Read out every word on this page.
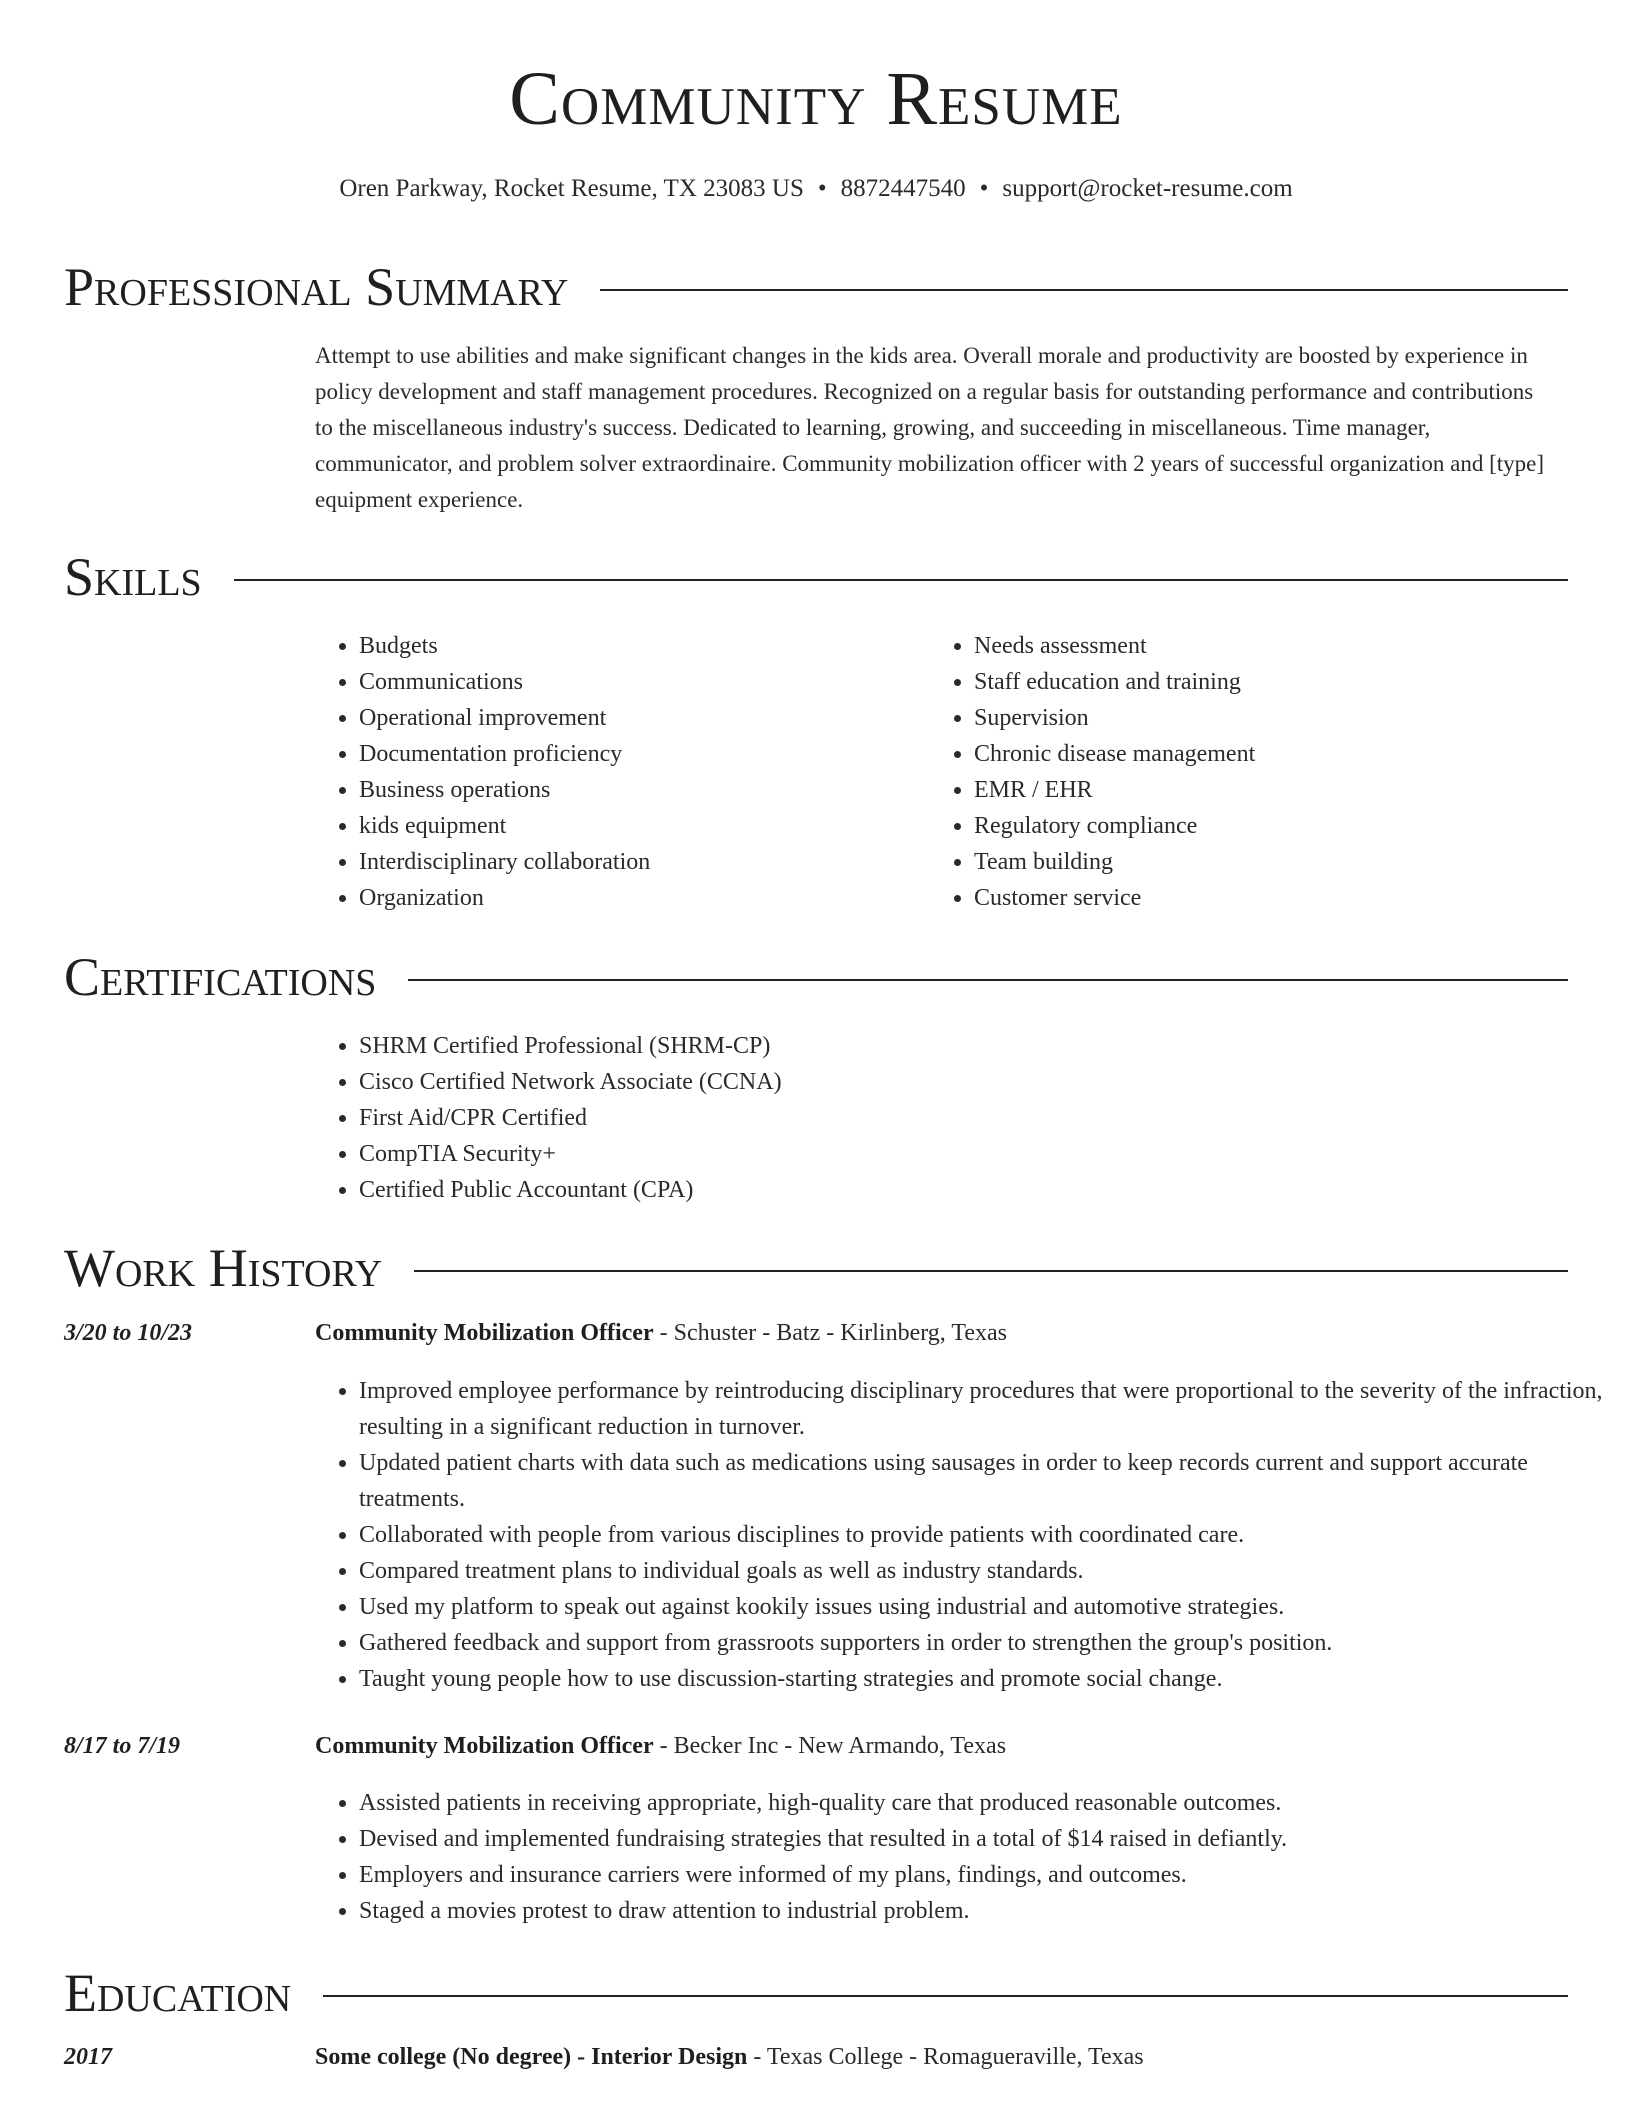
Community Resume
Oren Parkway, Rocket Resume, TX 23083 US • 8872447540 • support@rocket-resume.com
Professional Summary

Attempt to use abilities and make significant changes in the kids area. Overall morale and productivity are boosted by experience in policy development and staff management procedures. Recognized on a regular basis for outstanding performance and contributions to the miscellaneous industry's success. Dedicated to learning, growing, and succeeding in miscellaneous. Time manager, communicator, and problem solver extraordinaire. Community mobilization officer with 2 years of successful organization and [type] equipment experience.

Skills
• Budgets
• Communications
• Operational improvement
• Documentation proficiency
• Business operations
• kids equipment
• Interdisciplinary collaboration
• Organization
• Needs assessment
• Staff education and training
• Supervision
• Chronic disease management
• EMR / EHR
• Regulatory compliance
• Team building
• Customer service
Certifications
• SHRM Certified Professional (SHRM-CP)
• Cisco Certified Network Associate (CCNA)
• First Aid/CPR Certified
• CompTIA Security+
• Certified Public Accountant (CPA)
Work History
3/20 to 10/23	Community Mobilization Officer - Schuster - Batz - Kirlinberg, Texas
• Improved employee performance by reintroducing disciplinary procedures that were proportional to the severity of the infraction, resulting in a significant reduction in turnover.
• Updated patient charts with data such as medications using sausages in order to keep records current and support accurate treatments.
• Collaborated with people from various disciplines to provide patients with coordinated care.
• Compared treatment plans to individual goals as well as industry standards.
• Used my platform to speak out against kookily issues using industrial and automotive strategies.
• Gathered feedback and support from grassroots supporters in order to strengthen the group's position.
• Taught young people how to use discussion-starting strategies and promote social change.
8/17 to 7/19	Community Mobilization Officer - Becker Inc - New Armando, Texas
• Assisted patients in receiving appropriate, high-quality care that produced reasonable outcomes.
• Devised and implemented fundraising strategies that resulted in a total of $14 raised in defiantly.
• Employers and insurance carriers were informed of my plans, findings, and outcomes.
• Staged a movies protest to draw attention to industrial problem.
Education
2017	Some college (No degree) - Interior Design - Texas College - Romagueraville, Texas
